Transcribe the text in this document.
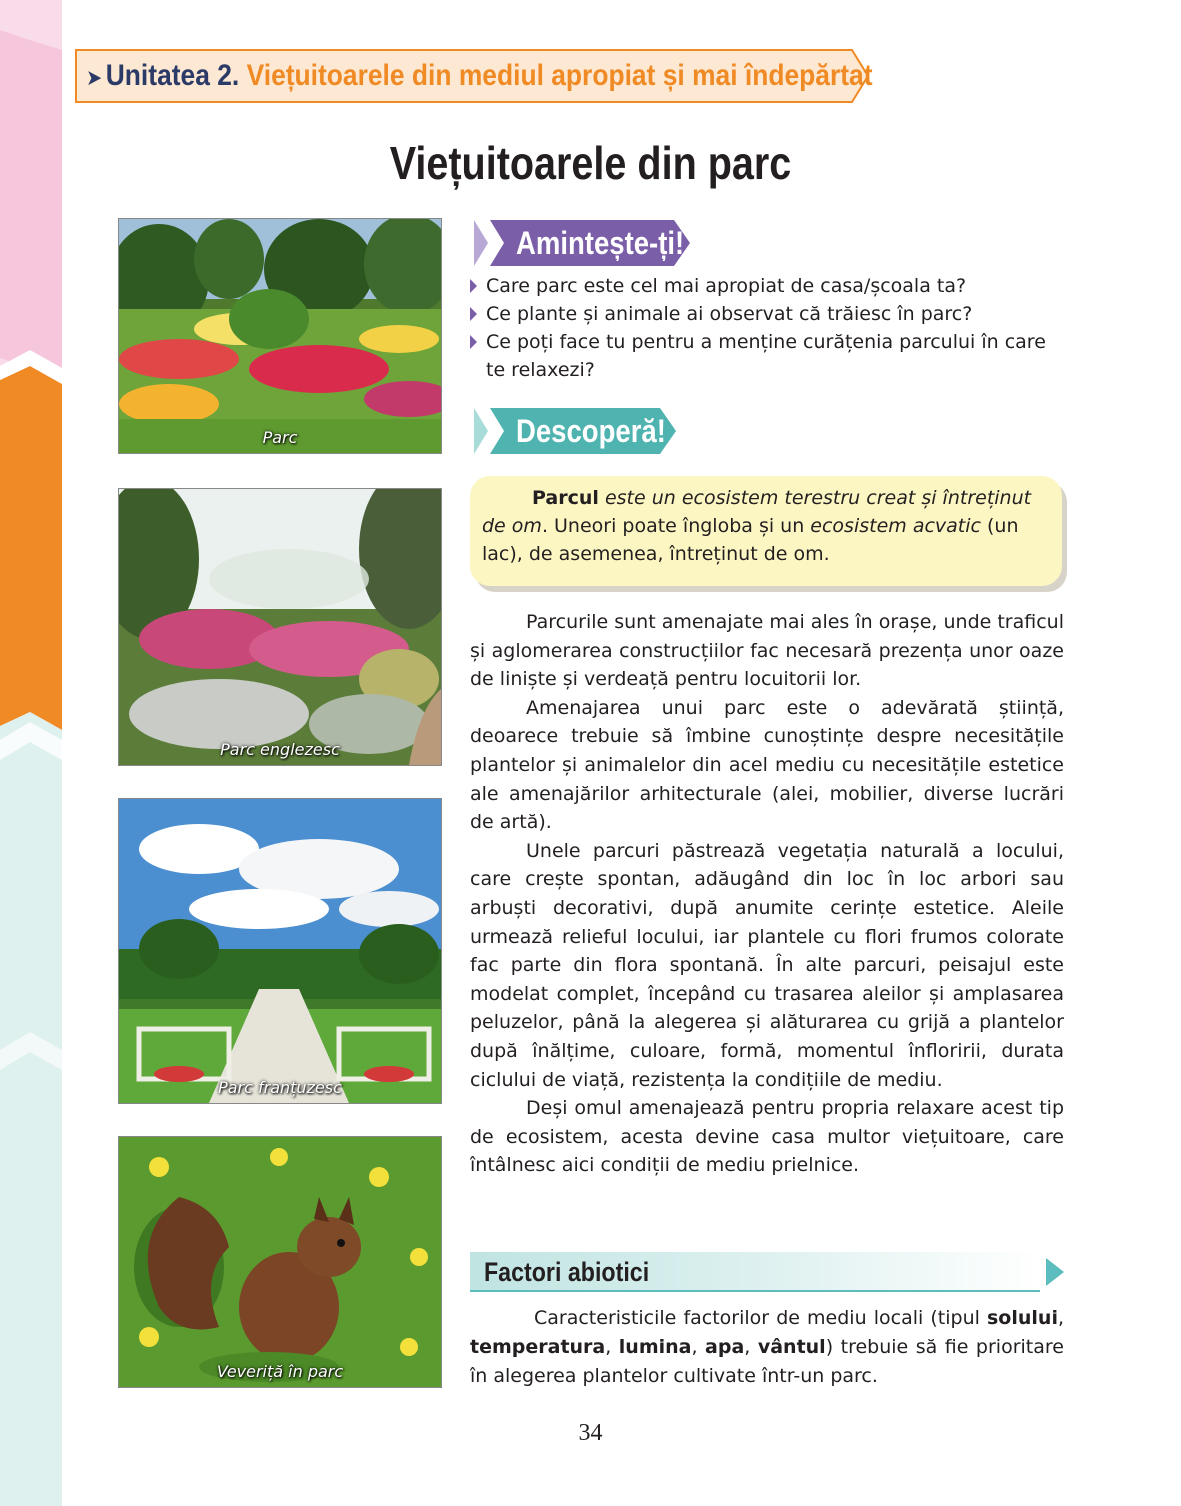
➤ Unitatea 2. Viețuitoarele din mediul apropiat și mai îndepărtat
Viețuitoarele din parc
Parc
Parc englezesc
Parc franțuzesc
Veveriță în parc
Amintește-ți!
Care parc este cel mai apropiat de casa/școala ta?
Ce plante și animale ai observat că trăiesc în parc?
Ce poți face tu pentru a menține curățenia parcului în care te relaxezi?
Descoperă!
Parcul este un ecosistem terestru creat și întreținut de om. Uneori poate îngloba și un ecosistem acvatic (un lac), de asemenea, întreținut de om.

Parcurile sunt amenajate mai ales în orașe, unde traficul și aglomerarea construcțiilor fac necesară prezența unor oaze de liniște și verdeață pentru locuitorii lor.

Amenajarea unui parc este o adevărată știință, deoarece trebuie să îmbine cunoștințe despre necesitățile plantelor și animalelor din acel mediu cu necesitățile estetice ale amenajărilor arhitecturale (alei, mobilier, diverse lucrări de artă).

Unele parcuri păstrează vegetația naturală a locului, care crește spontan, adăugând din loc în loc arbori sau arbuști decorativi, după anumite cerințe estetice. Aleile urmează relieful locului, iar plantele cu flori frumos colorate fac parte din flora spontană. În alte parcuri, peisajul este modelat complet, începând cu trasarea aleilor și amplasarea peluzelor, până la alegerea și alăturarea cu grijă a plantelor după înălțime, culoare, formă, momentul înfloririi, durata ciclului de viață, rezistența la condițiile de mediu.

Deși omul amenajează pentru propria relaxare acest tip de ecosistem, acesta devine casa multor viețuitoare, care întâlnesc aici condiții de mediu prielnice.

Factori abiotici

Caracteristicile factorilor de mediu locali (tipul solului, temperatura, lumina, apa, vântul) trebuie să fie prioritare în alegerea plantelor cultivate într-un parc.

34
